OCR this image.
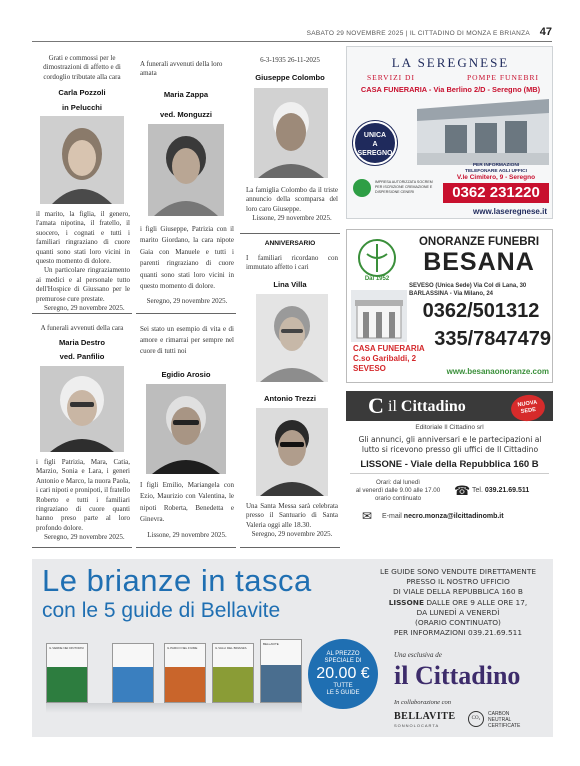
SABATO 29 NOVEMBRE 2025 | IL CITTADINO DI MONZA E BRIANZA 47
Grati e commossi per le dimostrazioni di affetto e di cordoglio tributate alla cara
Carla Pozzoli
in Pelucchi

il marito, la figlia, il genero, l'amata nipotina, il fratello, il suocero, i cognati e tutti i familiari ringraziano di cuore quanti sono stati loro vicini in questo momento di dolore.

Un particolare ringraziamento ai medici e al personale tutto dell'Hospice di Giussano per le premurose cure prestate.

Seregno, 29 novembre 2025.

A funerali avvenuti della cara
Maria Destro
ved. Panfilio

i figli Patrizia, Mara, Catia, Marzio, Sonia e Lara, i generi Antonio e Marco, la nuora Paola, i cari nipoti e pronipoti, il fratello Roberto e tutti i familiari ringraziano di cuore quanti hanno preso parte al loro profondo dolore.

Seregno, 29 novembre 2025.

A funerali avvenuti della loro amata
Maria Zappa
ved. Monguzzi

i figli Giuseppe, Patrizia con il marito Giordano, la cara nipote Gaia con Manuele e tutti i parenti ringraziano di cuore quanti sono stati loro vicini in questo momento di dolore.

Seregno, 29 novembre 2025.

Sei stato un esempio di vita e di amore e rimarrai per sempre nel cuore di tutti noi
Egidio Arosio

I figli Emilio, Mariangela con Ezio, Maurizio con Valentina, le nipoti Roberta, Benedetta e Ginevra.

Lissone, 29 novembre 2025.

6-3-1935 26-11-2025
Giuseppe Colombo

La famiglia Colombo da il triste annuncio della scomparsa del loro caro Giuseppe.

Lissone, 29 novembre 2025.

ANNIVERSARIO
I familiari ricordano con immutato affetto i cari
Lina Villa
Antonio Trezzi

Una Santa Messa sarà celebrata presso il Santuario di Santa Valeria oggi alle 18.30.

Seregno, 29 novembre 2025.

LA SEREGNESE
SERVIZI DI	POMPE FUNEBRI
CASA FUNERARIA - Via Berlino 2/D - Seregno (MB)
UNICA
A
SEREGNO
PER INFORMAZIONI
TELEFONARE AGLI UFFICI
V.le Cimitero, 9 - Seregno
0362 231220
IMPRESA AUTORIZZATA SOCREM PER ISCRIZIONE CREMAZIONE E DISPERSIONE CENERI
www.laseregnese.it
Dal 1952
ONORANZE FUNEBRI
BESANA
SEVESO (Unica Sede) Via Col di Lana, 30
BARLASSINA - Via Milano, 24
0362/501312
335/7847479
CASA FUNERARIA
C.so Garibaldi, 2
SEVESO	www.besanaonoranze.com
C il Cittadino	NUOVA
SEDE
Editoriale Il Cittadino srl
Gli annunci, gli anniversari e le partecipazioni al lutto si ricevono presso gli uffici de Il Cittadino
LISSONE - Viale della Repubblica 160 B
Orari: dal lunedì
al venerdì dalle 9.00 alle 17.00
orario continuato
☎ Tel. 039.21.69.511
✉ E-mail necro.monza@ilcittadinomb.it
Le brianze in tasca
con le 5 guide di Bellavite
IL VERDE NEI DINTORNI	IL PARCO NEL FIUME	IL VALLI DEL BRIANZA
BELLAVITE
AL PREZZO
SPECIALE DI
20.00 €
TUTTE
LE 5 GUIDE
LE GUIDE SONO VENDUTE DIRETTAMENTE
PRESSO IL NOSTRO UFFICIO
DI VIALE DELLA REPUBBLICA 160 B
LISSONE DALLE ORE 9 ALLE ORE 17,
DA LUNEDÌ A VENERDÌ
(ORARIO CONTINUATO)
PER INFORMAZIONI 039.21.69.511
Una esclusiva de
il Cittadino
In collaborazione con
BELLAVITE
SONNOLOCARTA
CO₂
CARBON
NEUTRAL
CERTIFICATE
